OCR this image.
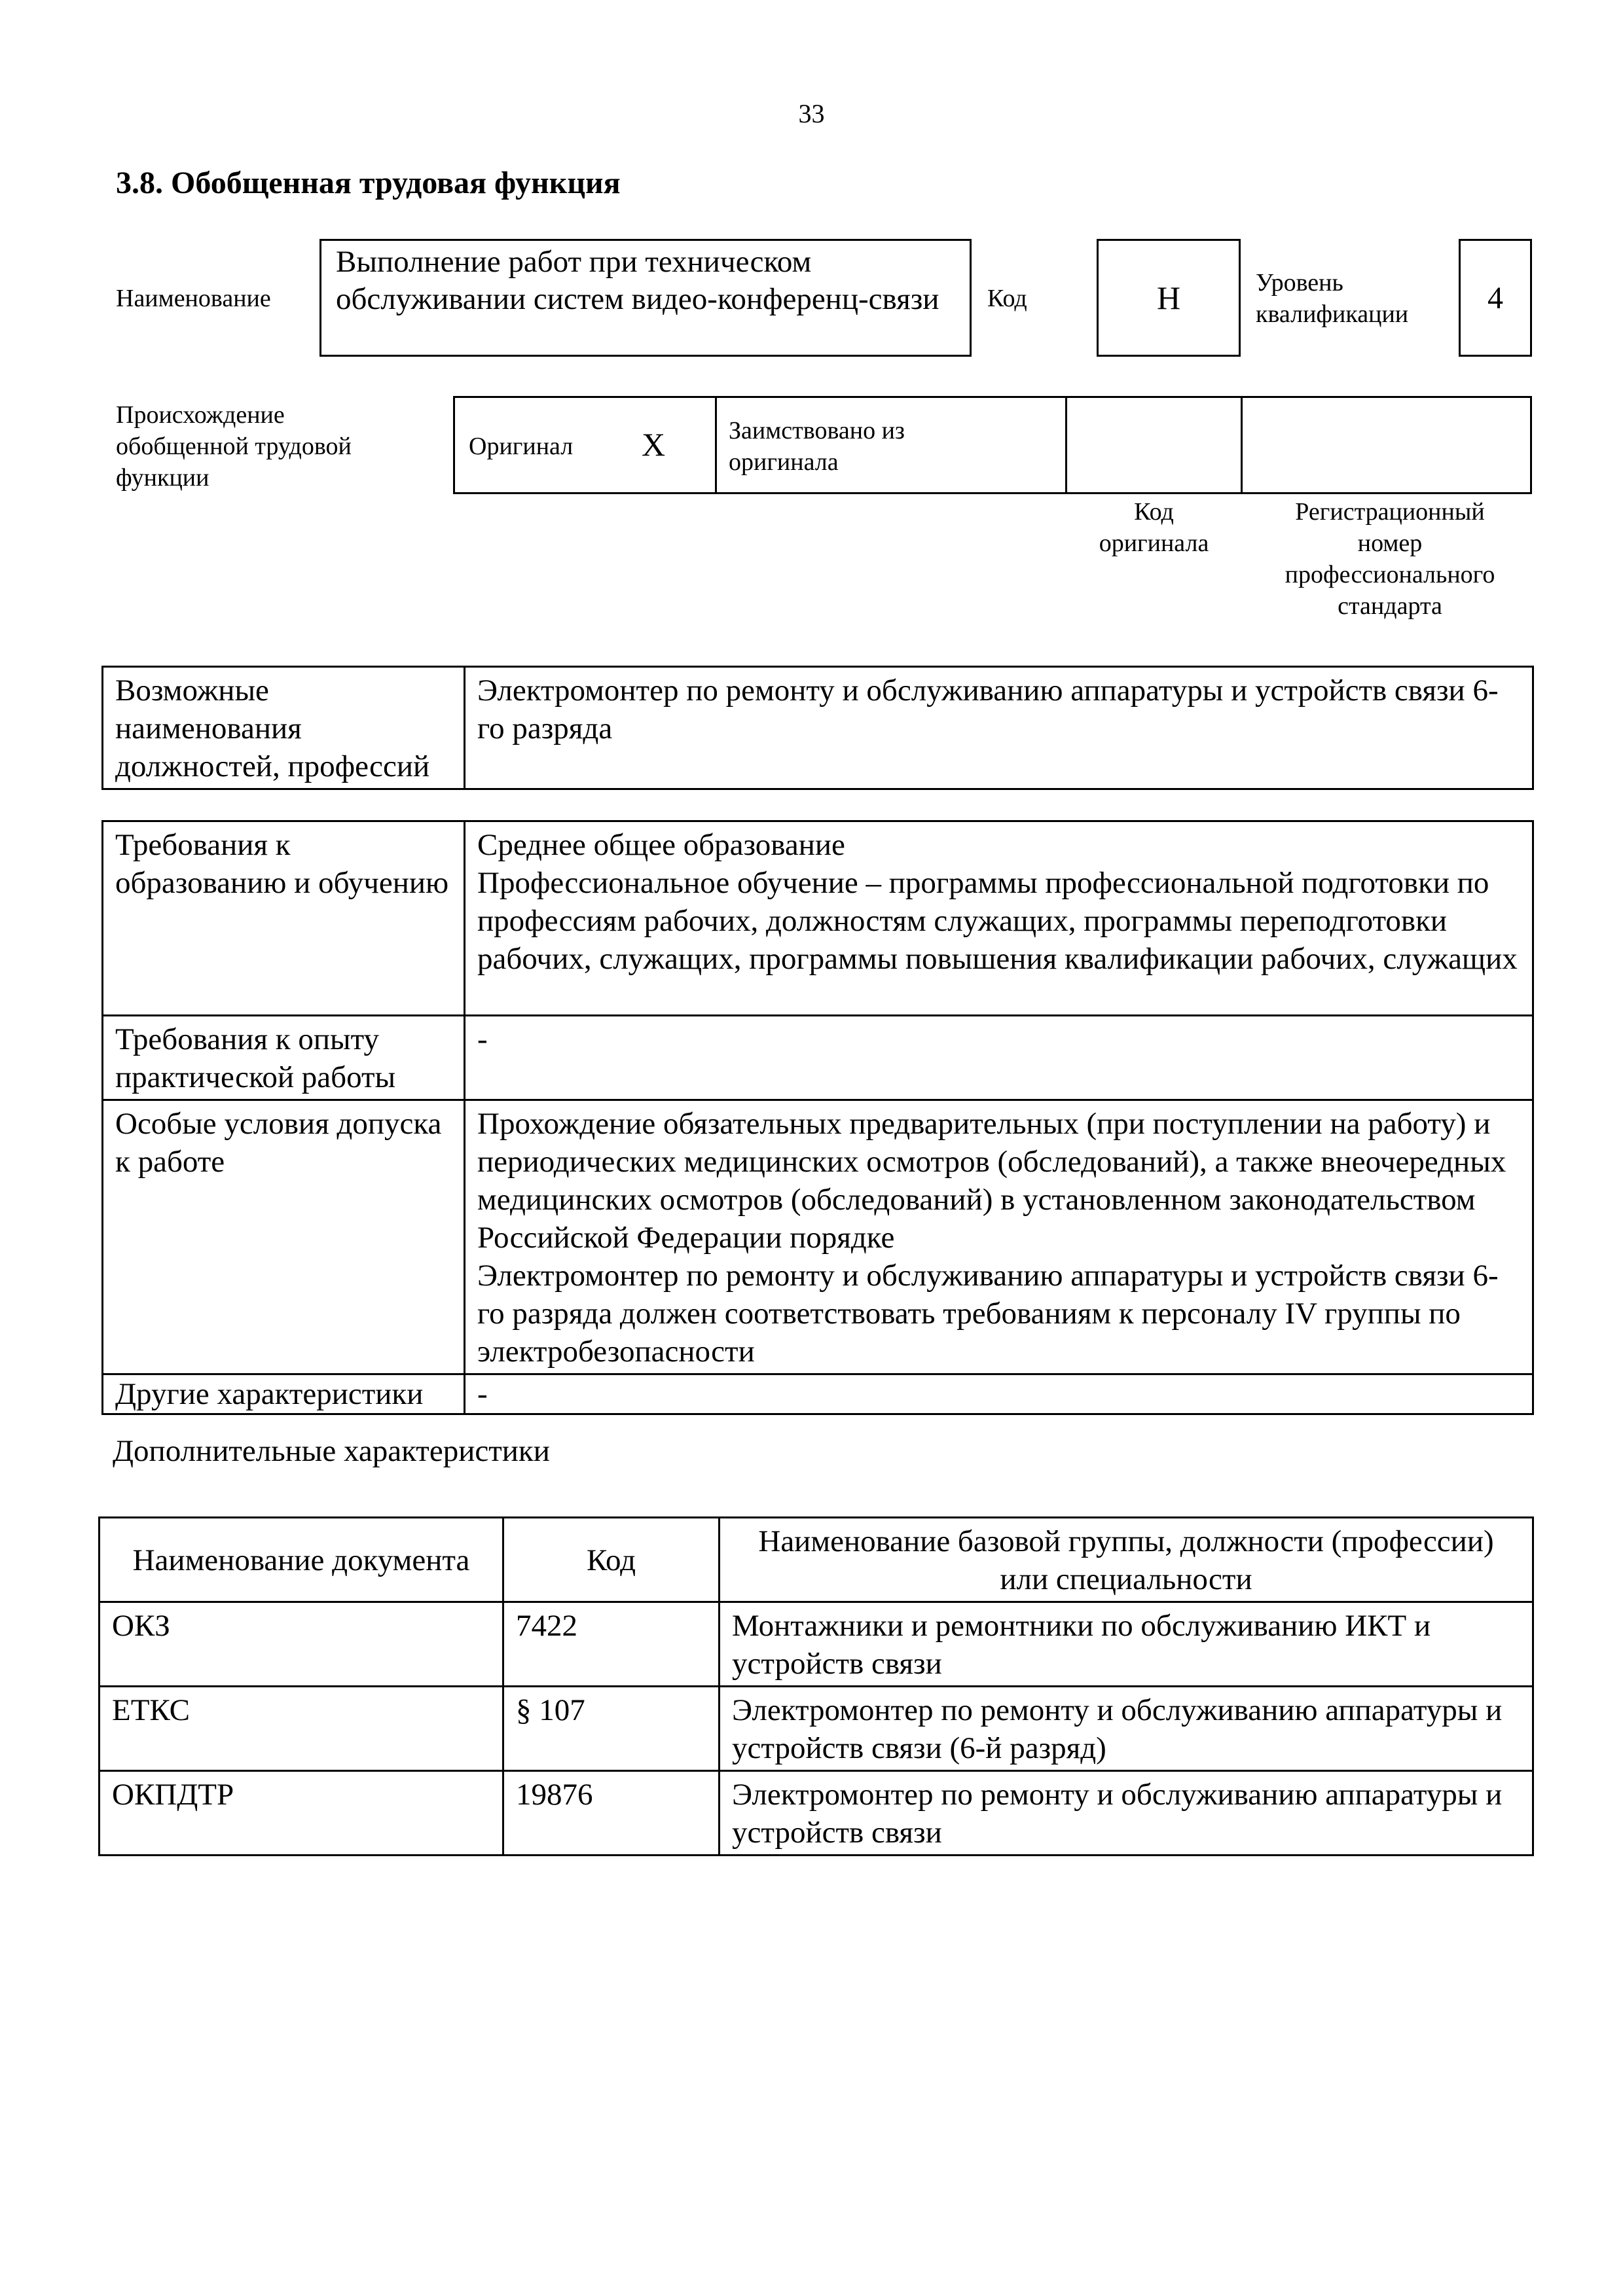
33
3.8. Обобщенная трудовая функция
Наименование
Выполнение работ при техническом обслуживании систем видео-конференц-связи	Код	H	Уровень
квалификации	4
Происхождение
обобщенной трудовой
функции
Оригинал X	Заимствовано из
оригинала
Код
оригинала
Регистрационный
номер
профессионального
стандарта
Возможные наименования должностей, профессий	Электромонтер по ремонту и обслуживанию аппаратуры и устройств связи 6-го разряда
Требования к образованию и обучению	Среднее общее образование
Профессиональное обучение – программы профессиональной подготовки по профессиям рабочих, должностям служащих, программы переподготовки рабочих, служащих, программы повышения квалификации рабочих, служащих

Требования к опыту практической работы	-
Особые условия допуска к работе	Прохождение обязательных предварительных (при поступлении на работу) и периодических медицинских осмотров (обследований), а также внеочередных медицинских осмотров (обследований) в установленном законодательством Российской Федерации порядке
Электромонтер по ремонту и обслуживанию аппаратуры и устройств связи 6-го разряда должен соответствовать требованиям к персоналу IV группы по электробезопасности

Другие характеристики	-
Дополнительные характеристики
Наименование документа	Код	Наименование базовой группы, должности (профессии) или специальности
ОКЗ	7422	Монтажники и ремонтники по обслуживанию ИКТ и устройств связи
ЕТКС	§ 107	Электромонтер по ремонту и обслуживанию аппаратуры и устройств связи (6-й разряд)
ОКПДТР	19876	Электромонтер по ремонту и обслуживанию аппаратуры и устройств связи
